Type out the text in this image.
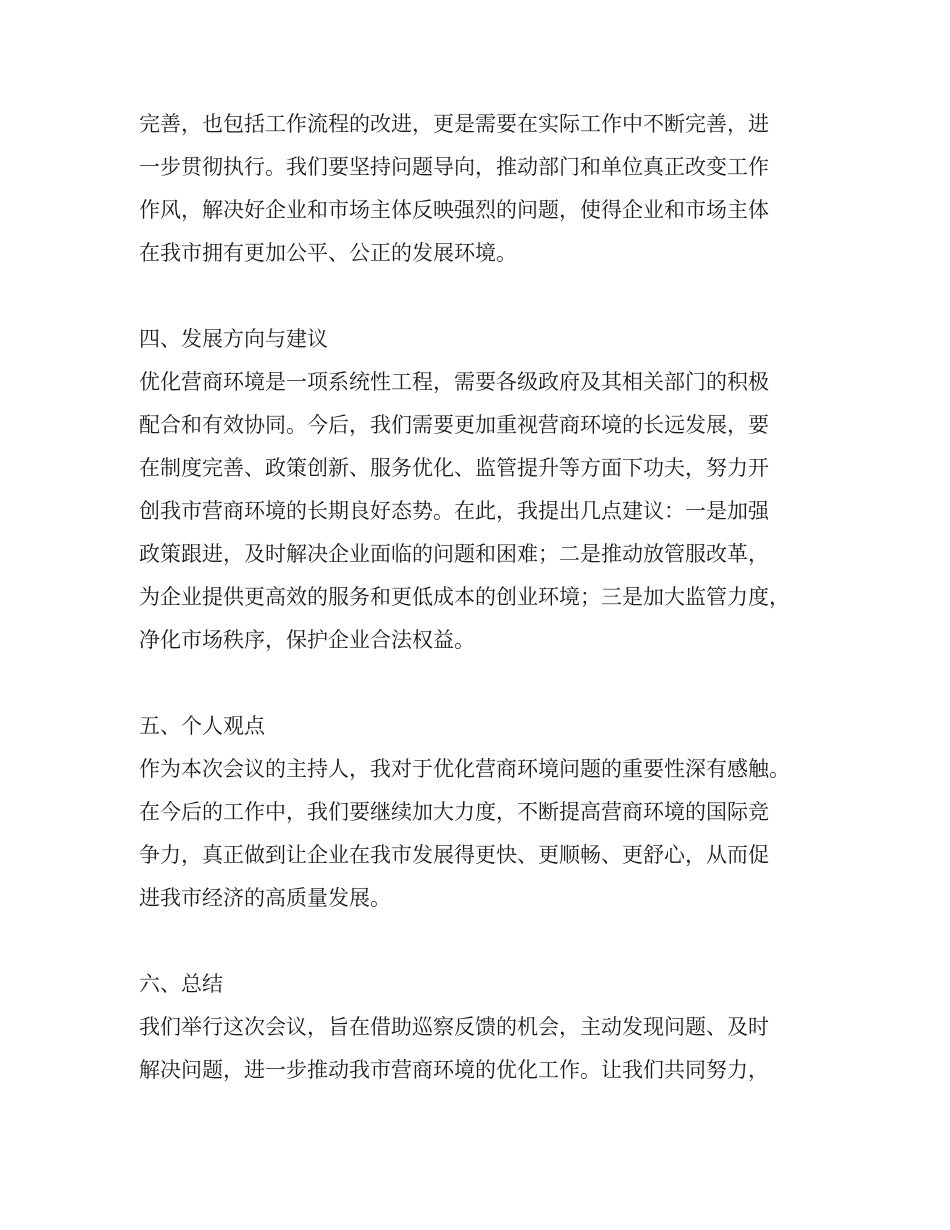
完善，也包括工作流程的改进，更是需要在实际工作中不断完善，进
一步贯彻执行。我们要坚持问题导向，推动部门和单位真正改变工作
作风，解决好企业和市场主体反映强烈的问题，使得企业和市场主体
在我市拥有更加公平、公正的发展环境。
四、发展方向与建议
优化营商环境是一项系统性工程，需要各级政府及其相关部门的积极
配合和有效协同。今后，我们需要更加重视营商环境的长远发展，要
在制度完善、政策创新、服务优化、监管提升等方面下功夫，努力开
创我市营商环境的长期良好态势。在此，我提出几点建议：一是加强
政策跟进，及时解决企业面临的问题和困难；二是推动放管服改革，
为企业提供更高效的服务和更低成本的创业环境；三是加大监管力度，
净化市场秩序，保护企业合法权益。
五、个人观点
作为本次会议的主持人，我对于优化营商环境问题的重要性深有感触。
在今后的工作中，我们要继续加大力度，不断提高营商环境的国际竞
争力，真正做到让企业在我市发展得更快、更顺畅、更舒心，从而促
进我市经济的高质量发展。
六、总结
我们举行这次会议，旨在借助巡察反馈的机会，主动发现问题、及时
解决问题，进一步推动我市营商环境的优化工作。让我们共同努力，
